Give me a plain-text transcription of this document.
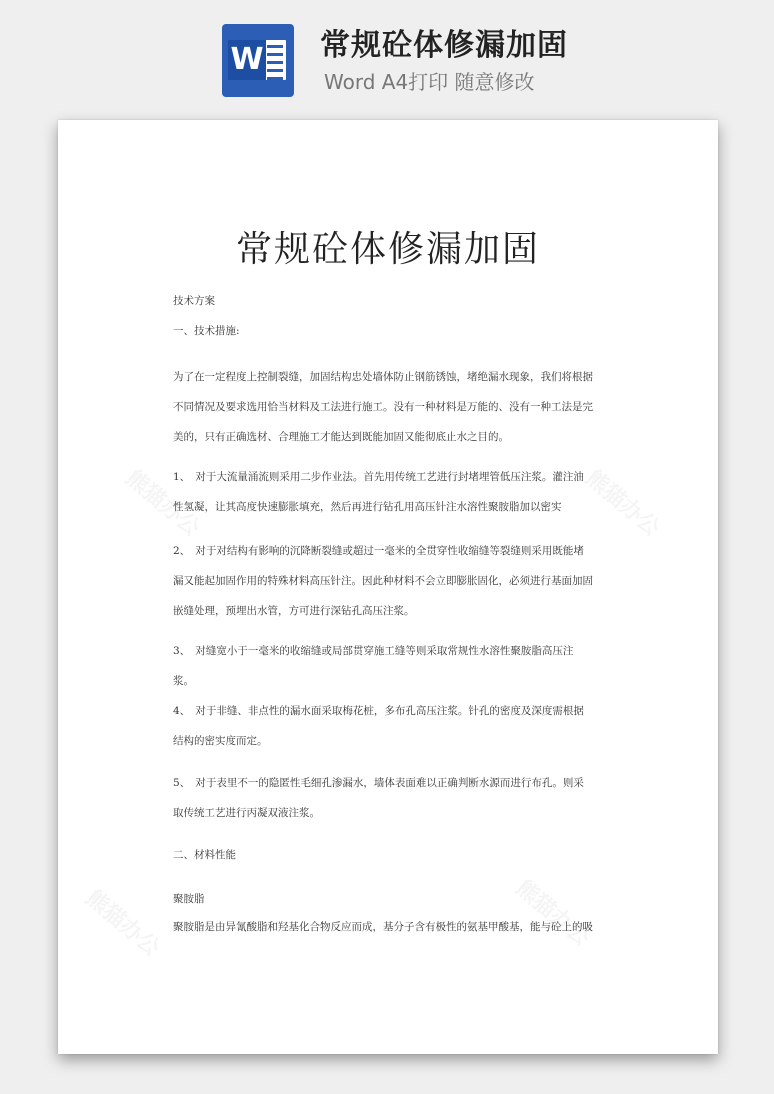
W 常规砼体修漏加固
Word A4打印 随意修改
常规砼体修漏加固
技术方案
一、技术措施:
为了在一定程度上控制裂缝，加固结构忠处墙体防止钢筋锈蚀，堵绝漏水现象，我们将根据
不同情况及要求选用恰当材料及工法进行施工。没有一种材料是万能的、没有一种工法是完
美的，只有正确选材、合理施工才能达到既能加固又能彻底止水之目的。
1、　对于大流量涌流则采用二步作业法。首先用传统工艺进行封堵埋管低压注浆。灌注油
性氢凝，让其高度快速膨胀填充，然后再进行钻孔用高压针注水溶性聚胺脂加以密实
2、　对于对结构有影响的沉降断裂缝或超过一毫米的全贯穿性收缩缝等裂缝则采用既能堵
漏又能起加固作用的特殊材料高压针注。因此种材料不会立即膨胀固化，必须进行基面加固
嵌缝处理，预埋出水管，方可进行深钻孔高压注浆。
3、　对缝宽小于一毫米的收缩缝或局部贯穿施工缝等则采取常规性水溶性聚胺脂高压注
浆。
4、　对于非缝、非点性的漏水面采取梅花桩，多布孔高压注浆。针孔的密度及深度需根据
结构的密实度而定。
5、　对于表里不一的隐匿性毛细孔渗漏水，墙体表面难以正确判断水源而进行布孔。则采
取传统工艺进行丙凝双液注浆。
二、材料性能
聚胺脂
聚胺脂是由异氰酸脂和羟基化合物反应而成，基分子含有极性的氨基甲酸基，能与砼上的吸
